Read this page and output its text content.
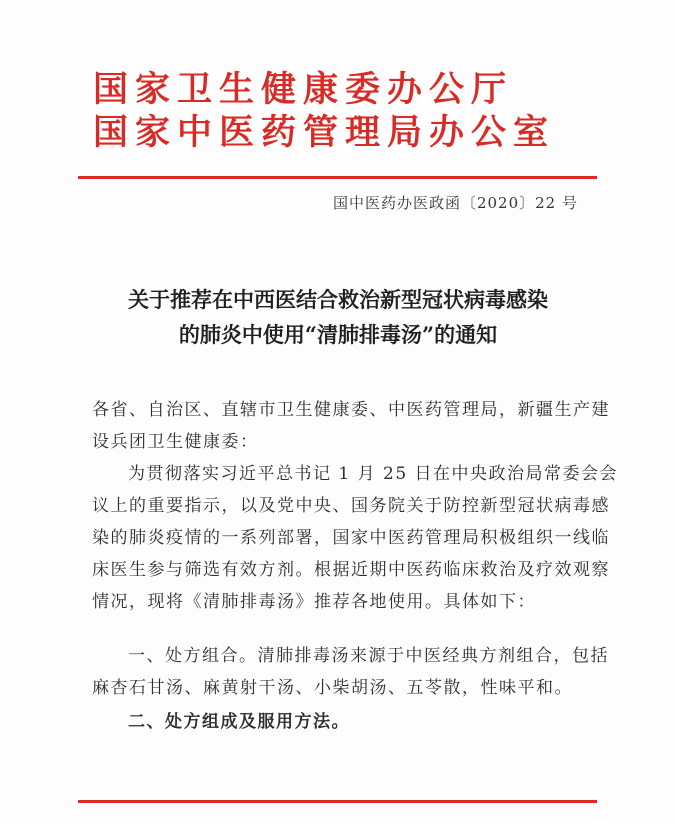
国家卫生健康委办公厅
国家中医药管理局办公室
国中医药办医政函〔2020〕22 号
关于推荐在中西医结合救治新型冠状病毒感染
的肺炎中使用“清肺排毒汤”的通知
各省、自治区、直辖市卫生健康委、中医药管理局，新疆生产建
设兵团卫生健康委：
为贯彻落实习近平总书记 1 月 25 日在中央政治局常委会会
议上的重要指示，以及党中央、国务院关于防控新型冠状病毒感
染的肺炎疫情的一系列部署，国家中医药管理局积极组织一线临
床医生参与筛选有效方剂。根据近期中医药临床救治及疗效观察
情况，现将《清肺排毒汤》推荐各地使用。具体如下：
一、处方组合。清肺排毒汤来源于中医经典方剂组合，包括
麻杏石甘汤、麻黄射干汤、小柴胡汤、五苓散，性味平和。
二、处方组成及服用方法。
